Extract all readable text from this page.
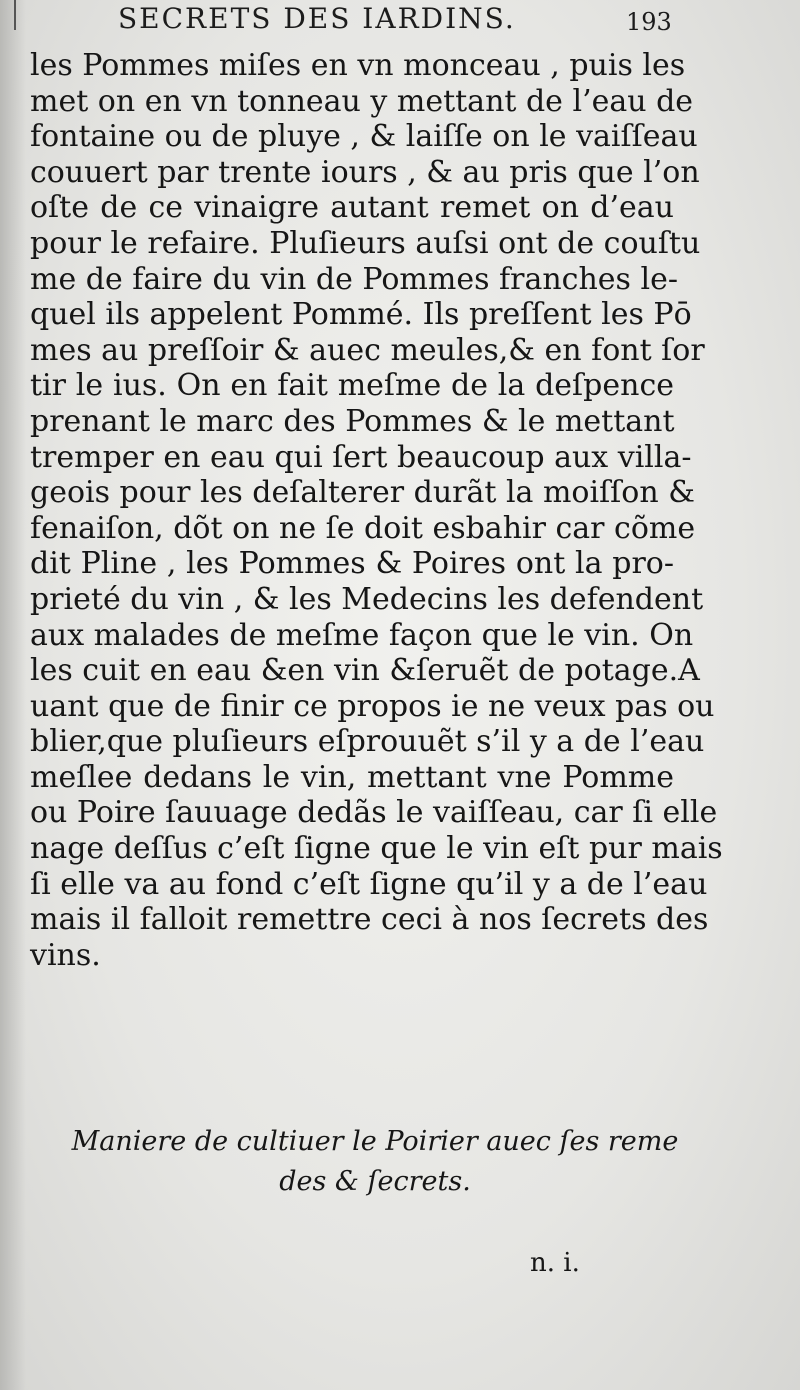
SECRETS DES IARDINS.	193
les Pommes miſes en vn monceau , puis les
met on en vn tonneau y mettant de l’eau de
fontaine ou de pluye , & laiſſe on le vaiſſeau
couuert par trente iours , & au pris que l’on
oſte de ce vinaigre autant remet on d’eau
pour le refaire. Pluſieurs auſsi ont de couſtu
me de faire du vin de Pommes franches le-
quel ils appelent Pommé. Ils preſſent les Pō
mes au preſſoir & auec meules,& en font ſor
tir le ius. On en fait meſme de la deſpence
prenant le marc des Pommes & le mettant
tremper en eau qui ſert beaucoup aux villa-
geois pour les deſalterer durãt la moiſſon &
fenaiſon, dõt on ne ſe doit esbahir car cõme
dit Pline , les Pommes & Poires ont la pro-
prieté du vin , & les Medecins les defendent
aux malades de meſme façon que le vin. On
les cuit en eau &en vin &ſeruẽt de potage.A
uant que de finir ce propos ie ne veux pas ou
blier,que pluſieurs eſprouuẽt s’il y a de l’eau
meſlee dedans le vin, mettant vne Pomme
ou Poire ſauuage dedãs le vaiſſeau, car ſi elle
nage deſſus c’eſt ſigne que le vin eſt pur mais
ſi elle va au fond c’eſt ſigne qu’il y a de l’eau
mais il falloit remettre ceci à nos ſecrets des
vins.
Maniere de cultiuer le Poirier auec ſes reme
des & ſecrets.
n. i.
